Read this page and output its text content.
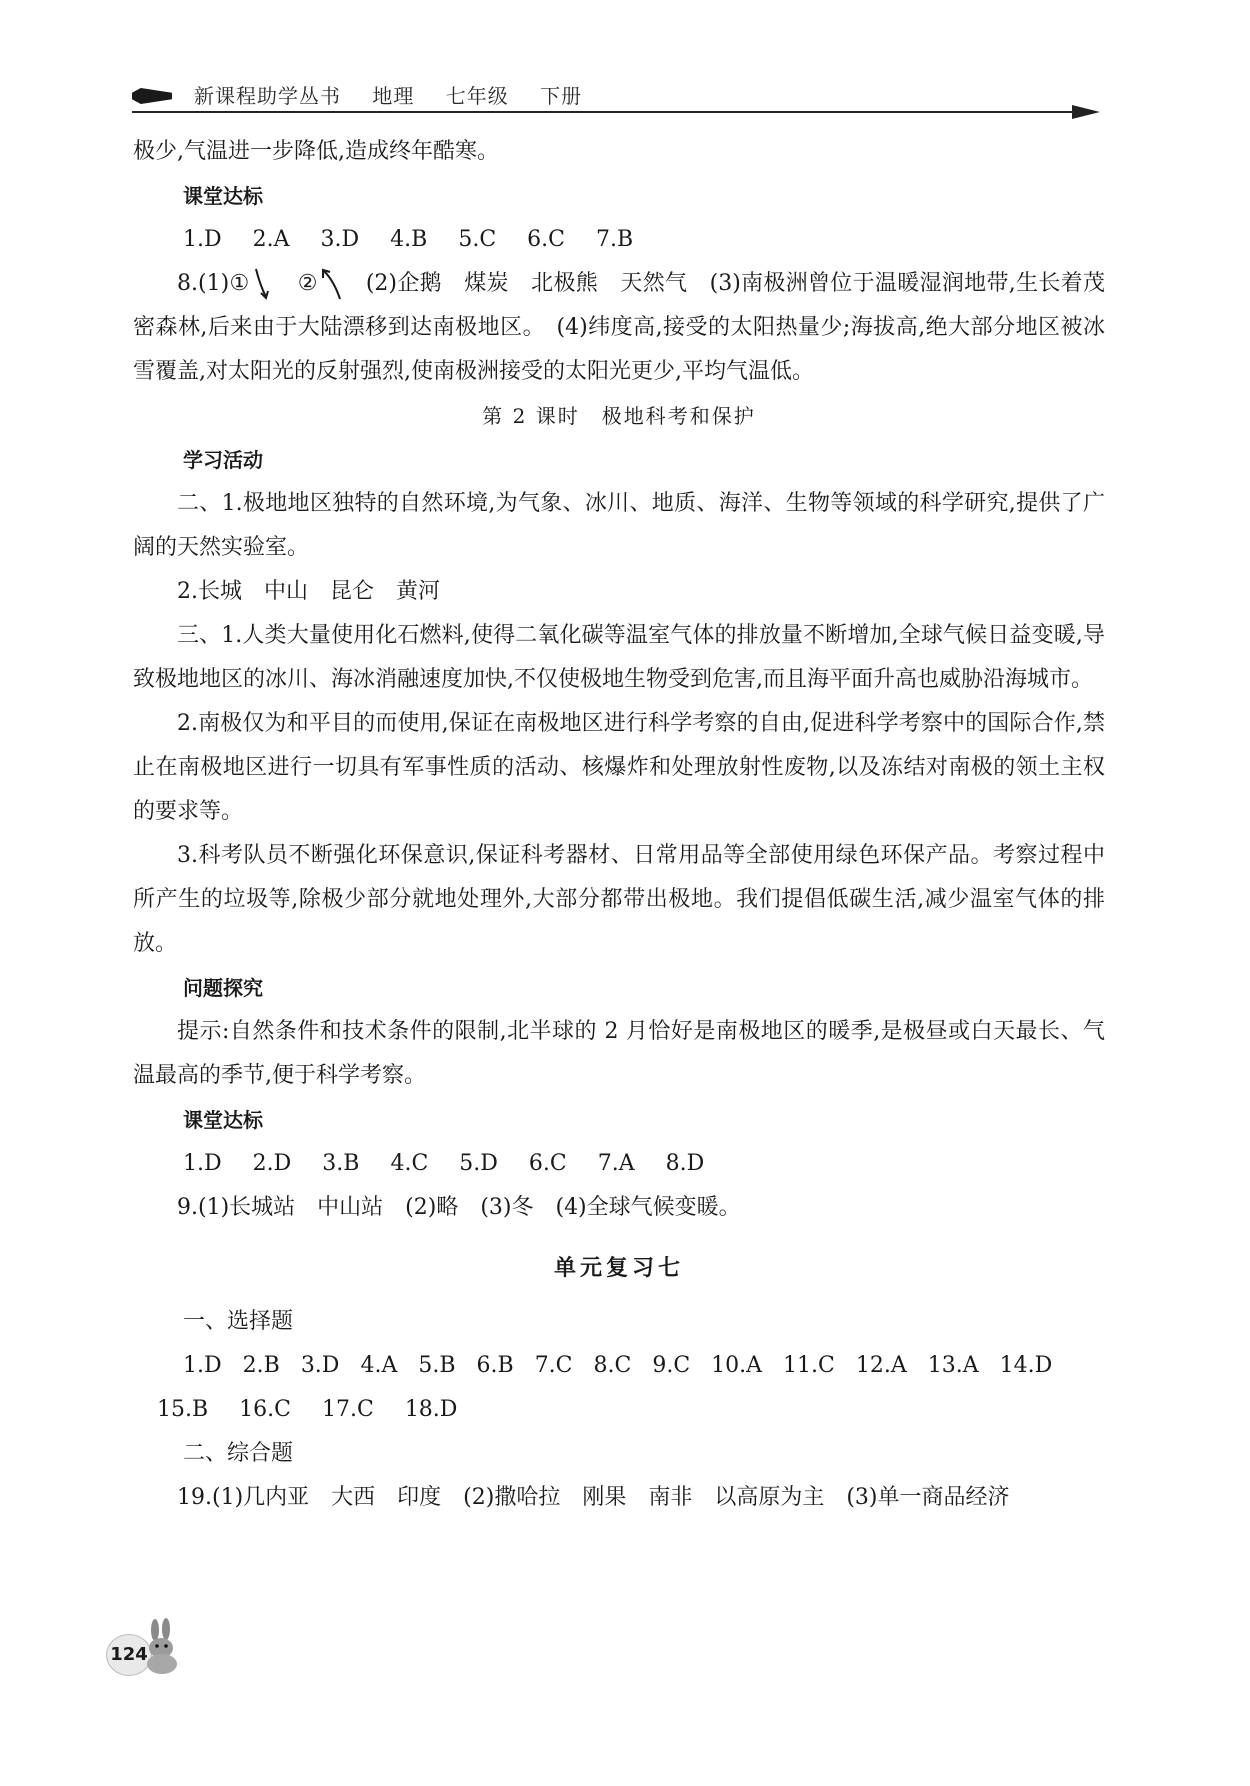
新课程助学丛书 地理 七年级 下册

极少,气温进一步降低,造成终年酷寒。

课堂达标

1.D 2.A 3.D 4.B 5.C 6.C 7.B

8.(1)① ② (2)企鹅　煤炭　北极熊　天然气　(3)南极洲曾位于温暖湿润地带,生长着茂密森林,后来由于大陆漂移到达南极地区。　(4)纬度高,接受的太阳热量少;海拔高,绝大部分地区被冰雪覆盖,对太阳光的反射强烈,使南极洲接受的太阳光更少,平均气温低。

第 2 课时　极地科考和保护

学习活动

二、1.极地地区独特的自然环境,为气象、冰川、地质、海洋、生物等领域的科学研究,提供了广阔的天然实验室。

2.长城　中山　昆仑　黄河

三、1.人类大量使用化石燃料,使得二氧化碳等温室气体的排放量不断增加,全球气候日益变暖,导致极地地区的冰川、海冰消融速度加快,不仅使极地生物受到危害,而且海平面升高也威胁沿海城市。

2.南极仅为和平目的而使用,保证在南极地区进行科学考察的自由,促进科学考察中的国际合作,禁止在南极地区进行一切具有军事性质的活动、核爆炸和处理放射性废物,以及冻结对南极的领土主权的要求等。

3.科考队员不断强化环保意识,保证科考器材、日常用品等全部使用绿色环保产品。考察过程中所产生的垃圾等,除极少部分就地处理外,大部分都带出极地。我们提倡低碳生活,减少温室气体的排放。

问题探究

提示:自然条件和技术条件的限制,北半球的 2 月恰好是南极地区的暖季,是极昼或白天最长、气温最高的季节,便于科学考察。

课堂达标

1.D 2.D 3.B 4.C 5.D 6.C 7.A 8.D

9.(1)长城站　中山站　(2)略　(3)冬　(4)全球气候变暖。

单元复习七

一、选择题

1.D 2.B 3.D 4.A 5.B 6.B 7.C 8.C 9.C 10.A 11.C 12.A 13.A 14.D

15.B 16.C 17.C 18.D

二、综合题

19.(1)几内亚　大西　印度　(2)撒哈拉　刚果　南非　以高原为主　(3)单一商品经济

124
